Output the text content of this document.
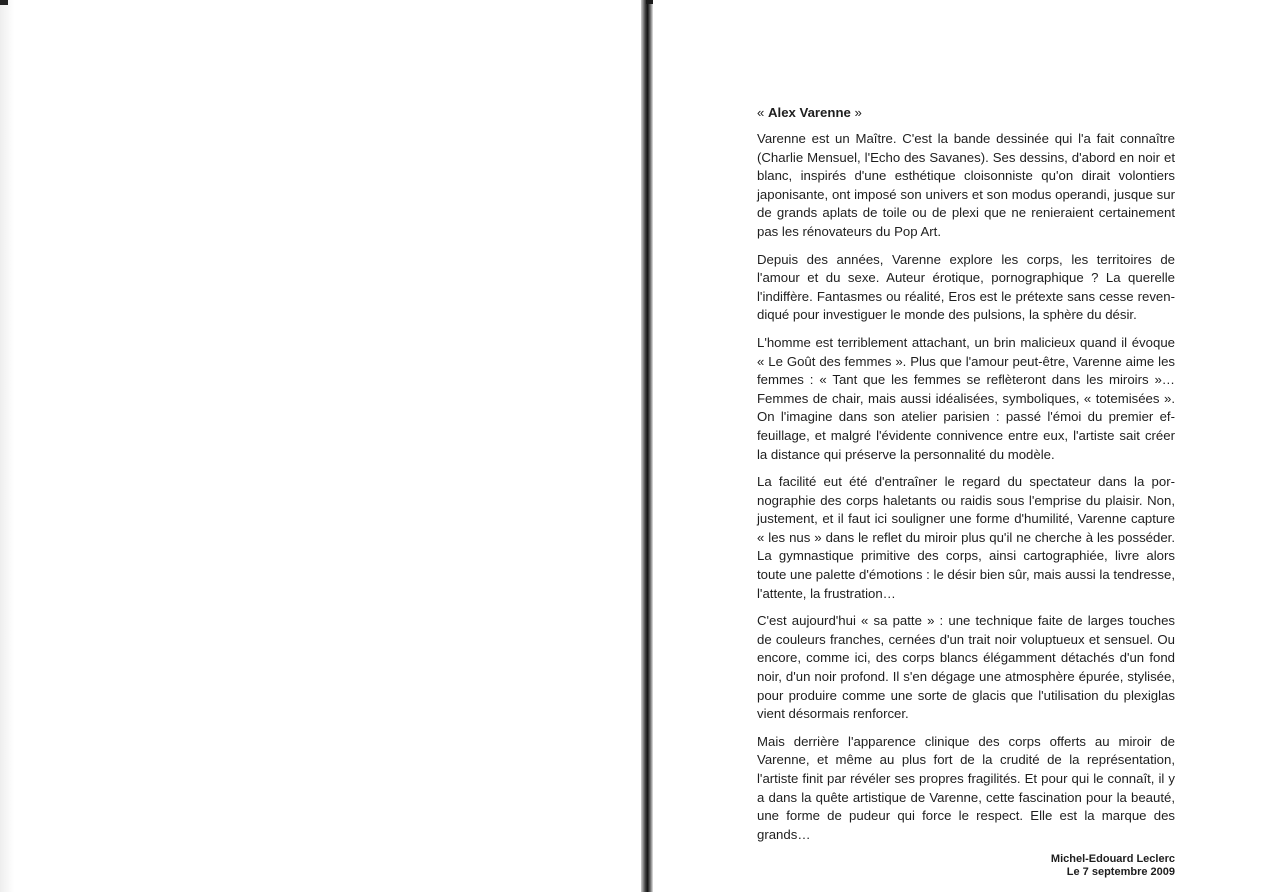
« Alex Varenne »

Varenne est un Maître. C'est la bande dessinée qui l'a fait connaître (Charlie Mensuel, l'Echo des Savanes). Ses dessins, d'abord en noir et blanc, inspirés d'une esthétique cloisonniste qu'on dirait volontiers japonisante, ont imposé son univers et son modus operandi, jusque sur de grands aplats de toile ou de plexi que ne renieraient certainement pas les rénovateurs du Pop Art.

Depuis des années, Varenne explore les corps, les territoires de l'amour et du sexe. Auteur érotique, pornographique ? La querelle l'indiffère. Fantasmes ou réalité, Eros est le prétexte sans cesse revendiqué pour investiguer le monde des pulsions, la sphère du désir.

L'homme est terriblement attachant, un brin malicieux quand il évoque « Le Goût des femmes ». Plus que l'amour peut-être, Varenne aime les femmes : « Tant que les femmes se reflèteront dans les miroirs »… Femmes de chair, mais aussi idéalisées, symboliques, « totemisées ». On l'imagine dans son atelier parisien : passé l'émoi du premier effeuillage, et malgré l'évidente connivence entre eux, l'artiste sait créer la distance qui préserve la personnalité du modèle.

La facilité eut été d'entraîner le regard du spectateur dans la pornographie des corps haletants ou raidis sous l'emprise du plaisir. Non, justement, et il faut ici souligner une forme d'humilité, Varenne capture « les nus » dans le reflet du miroir plus qu'il ne cherche à les posséder. La gymnastique primitive des corps, ainsi cartographiée, livre alors toute une palette d'émotions : le désir bien sûr, mais aussi la tendresse, l'attente, la frustration…

C'est aujourd'hui « sa patte » : une technique faite de larges touches de couleurs franches, cernées d'un trait noir voluptueux et sensuel. Ou encore, comme ici, des corps blancs élégamment détachés d'un fond noir, d'un noir profond. Il s'en dégage une atmosphère épurée, stylisée, pour produire comme une sorte de glacis que l'utilisation du plexiglas vient désormais renforcer.

Mais derrière l'apparence clinique des corps offerts au miroir de Varenne, et même au plus fort de la crudité de la représentation, l'artiste finit par révéler ses propres fragilités. Et pour qui le connaît, il y a dans la quête artistique de Varenne, cette fascination pour la beauté, une forme de pudeur qui force le respect. Elle est la marque des grands…

Michel-Edouard Leclerc
Le 7 septembre 2009
